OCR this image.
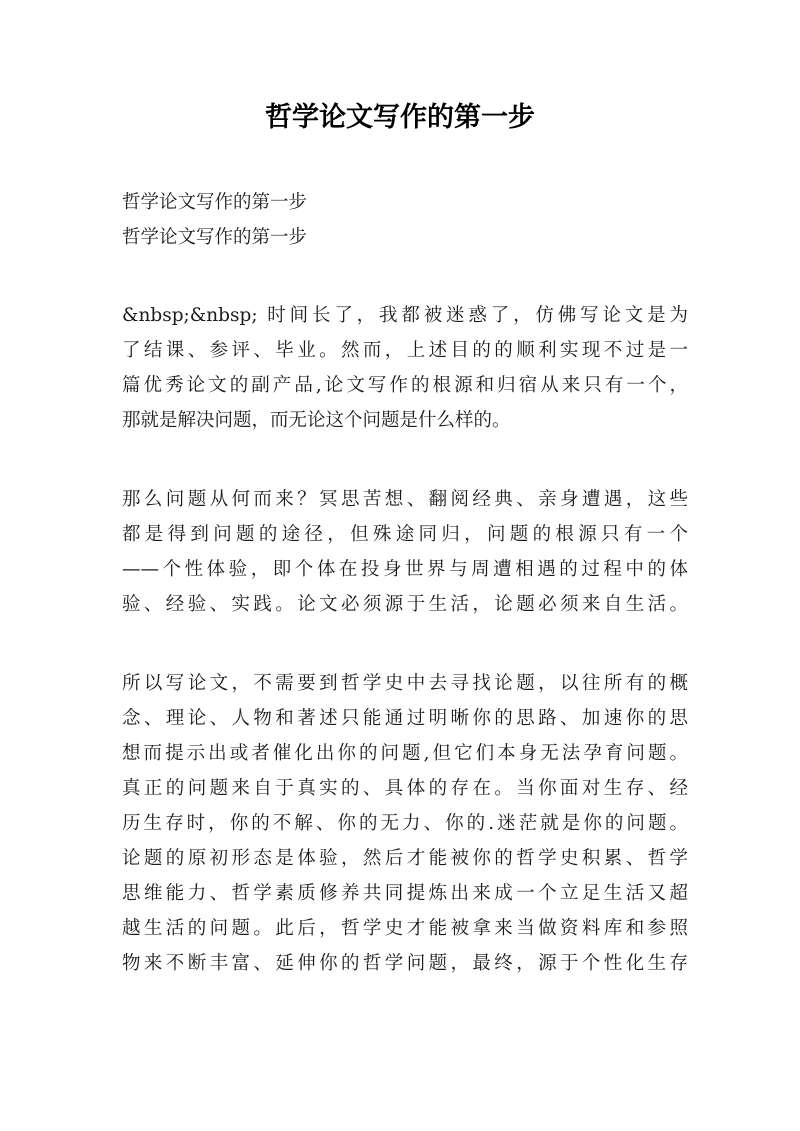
哲学论文写作的第一步
哲学论文写作的第一步
哲学论文写作的第一步
&nbsp;&nbsp; 时间长了，我都被迷惑了，仿佛写论文是为
了结课、参评、毕业。然而，上述目的的顺利实现不过是一
篇优秀论文的副产品,论文写作的根源和归宿从来只有一个，
那就是解决问题，而无论这个问题是什么样的。
那么问题从何而来？冥思苦想、翻阅经典、亲身遭遇，这些
都是得到问题的途径，但殊途同归，问题的根源只有一个
——个性体验，即个体在投身世界与周遭相遇的过程中的体
验、经验、实践。论文必须源于生活，论题必须来自生活。
所以写论文，不需要到哲学史中去寻找论题，以往所有的概
念、理论、人物和著述只能通过明晰你的思路、加速你的思
想而提示出或者催化出你的问题,但它们本身无法孕育问题。
真正的问题来自于真实的、具体的存在。当你面对生存、经
历生存时，你的不解、你的无力、你的.迷茫就是你的问题。
论题的原初形态是体验，然后才能被你的哲学史积累、哲学
思维能力、哲学素质修养共同提炼出来成一个立足生活又超
越生活的问题。此后，哲学史才能被拿来当做资料库和参照
物来不断丰富、延伸你的哲学问题，最终，源于个性化生存
